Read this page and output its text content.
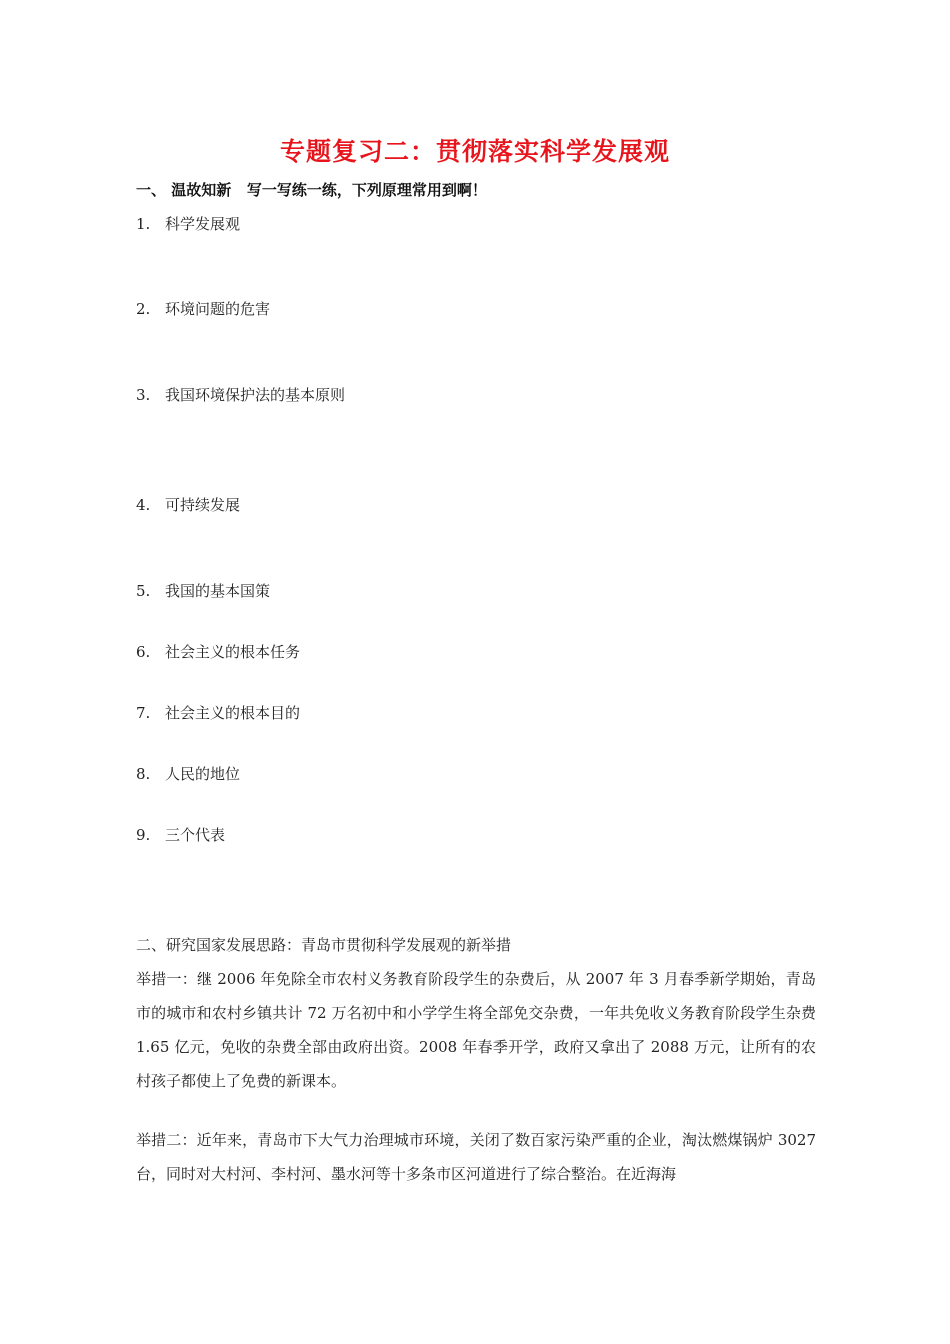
专题复习二：贯彻落实科学发展观
一、 温故知新   写一写练一练，下列原理常用到啊！
1. 科学发展观
2. 环境问题的危害
3. 我国环境保护法的基本原则
4. 可持续发展
5. 我国的基本国策
6. 社会主义的根本任务
7. 社会主义的根本目的
8. 人民的地位
9. 三个代表
二、研究国家发展思路：青岛市贯彻科学发展观的新举措
举措一：继 2006 年免除全市农村义务教育阶段学生的杂费后，从 2007 年 3 月春季新学期始，青岛市的城市和农村乡镇共计 72 万名初中和小学学生将全部免交杂费，一年共免收义务教育阶段学生杂费 1.65 亿元，免收的杂费全部由政府出资。2008 年春季开学，政府又拿出了 2088 万元，让所有的农村孩子都使上了免费的新课本。
举措二：近年来，青岛市下大气力治理城市环境，关闭了数百家污染严重的企业，淘汰燃煤锅炉 3027 台，同时对大村河、李村河、墨水河等十多条市区河道进行了综合整治。在近海海
